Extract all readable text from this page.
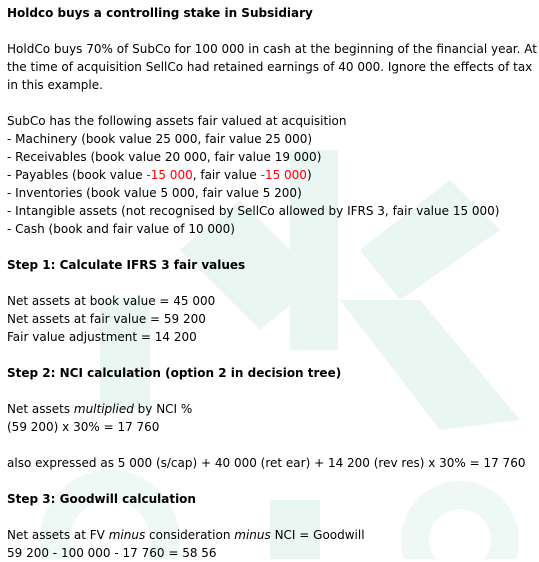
Holdco buys a controlling stake in Subsidiary
HoldCo buys 70% of SubCo for 100 000 in cash at the beginning of the financial year. At
the time of acquisition SellCo had retained earnings of 40 000. Ignore the effects of tax
in this example.
SubCo has the following assets fair valued at acquisition
- Machinery (book value 25 000, fair value 25 000)
- Receivables (book value 20 000, fair value 19 000)
- Payables (book value -15 000, fair value -15 000)
- Inventories (book value 5 000, fair value 5 200)
- Intangible assets (not recognised by SellCo allowed by IFRS 3, fair value 15 000)
- Cash (book and fair value of 10 000)
Step 1: Calculate IFRS 3 fair values
Net assets at book value = 45 000
Net assets at fair value = 59 200
Fair value adjustment = 14 200
Step 2: NCI calculation (option 2 in decision tree)
Net assets multiplied by NCI %
(59 200) x 30% = 17 760
also expressed as 5 000 (s/cap) + 40 000 (ret ear) + 14 200 (rev res) x 30% = 17 760
Step 3: Goodwill calculation
Net assets at FV minus consideration minus NCI = Goodwill
59 200 - 100 000 - 17 760 = 58 56
